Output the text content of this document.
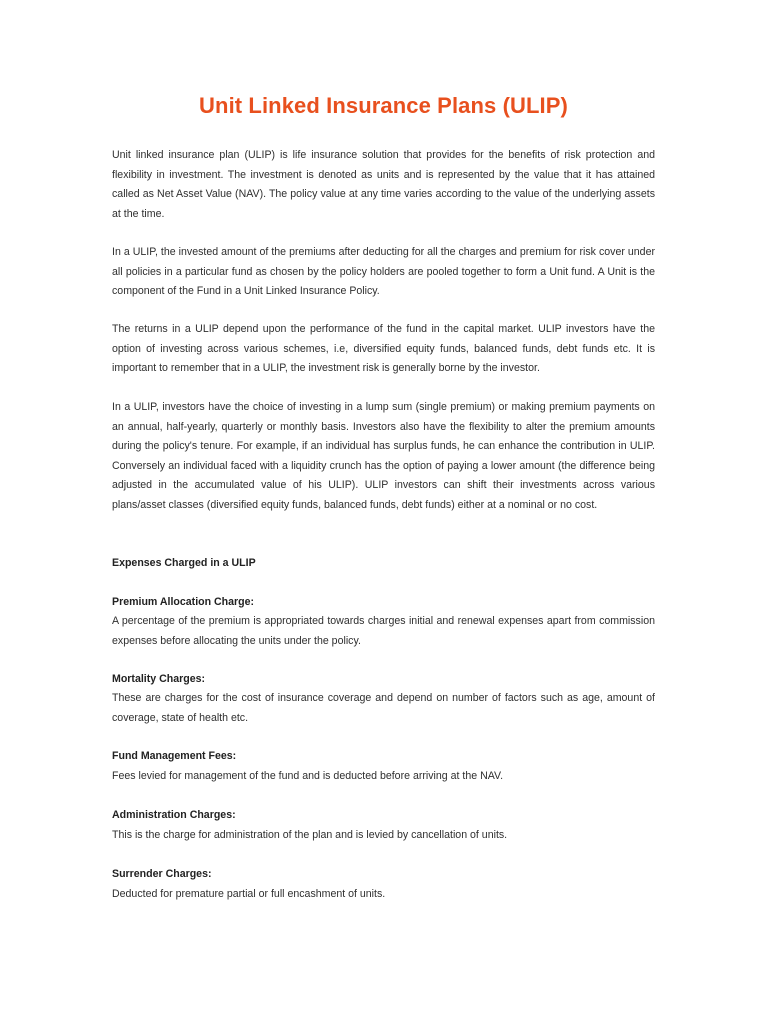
Unit Linked Insurance Plans (ULIP)

Unit linked insurance plan (ULIP) is life insurance solution that provides for the benefits of risk protection and flexibility in investment. The investment is denoted as units and is represented by the value that it has attained called as Net Asset Value (NAV). The policy value at any time varies according to the value of the underlying assets at the time.

In a ULIP, the invested amount of the premiums after deducting for all the charges and premium for risk cover under all policies in a particular fund as chosen by the policy holders are pooled together to form a Unit fund. A Unit is the component of the Fund in a Unit Linked Insurance Policy.

The returns in a ULIP depend upon the performance of the fund in the capital market. ULIP investors have the option of investing across various schemes, i.e, diversified equity funds, balanced funds, debt funds etc. It is important to remember that in a ULIP, the investment risk is generally borne by the investor.

In a ULIP, investors have the choice of investing in a lump sum (single premium) or making premium payments on an annual, half-yearly, quarterly or monthly basis. Investors also have the flexibility to alter the premium amounts during the policy's tenure. For example, if an individual has surplus funds, he can enhance the contribution in ULIP. Conversely an individual faced with a liquidity crunch has the option of paying a lower amount (the difference being adjusted in the accumulated value of his ULIP). ULIP investors can shift their investments across various plans/asset classes (diversified equity funds, balanced funds, debt funds) either at a nominal or no cost.

Expenses Charged in a ULIP
Premium Allocation Charge:

A percentage of the premium is appropriated towards charges initial and renewal expenses apart from commission expenses before allocating the units under the policy.

Mortality Charges:

These are charges for the cost of insurance coverage and depend on number of factors such as age, amount of coverage, state of health etc.

Fund Management Fees:

Fees levied for management of the fund and is deducted before arriving at the NAV.

Administration Charges:

This is the charge for administration of the plan and is levied by cancellation of units.

Surrender Charges:

Deducted for premature partial or full encashment of units.
